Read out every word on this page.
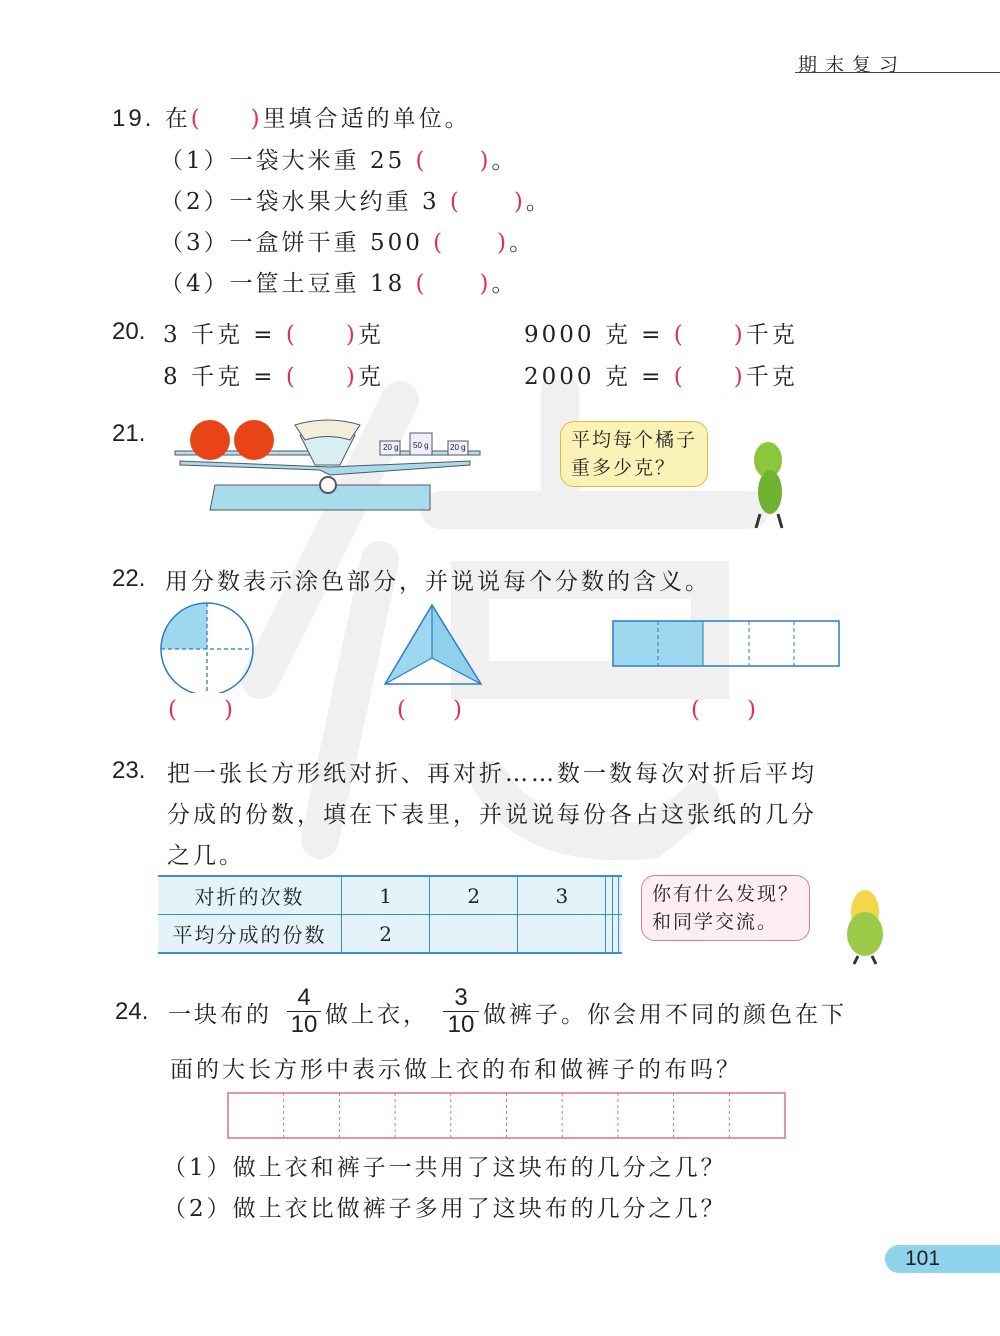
期末复习
19. 在( )里填合适的单位。
（1）一袋大米重 25 ( )。
（2）一袋水果大约重 3 ( )。
（3）一盒饼干重 500 ( )。
（4）一筐土豆重 18 ( )。
20. 3 千克 = ( )克	9000 克 = ( )千克
8 千克 = ( )克	2000 克 = ( )千克
21.
20 g 50 g	20 g	平均每个橘子
重多少克？
22. 用分数表示涂色部分，并说说每个分数的含义。
( )	( )	( )
23. 把一张长方形纸对折、再对折……数一数每次对折后平均
分成的份数，填在下表里，并说说每份各占这张纸的几分
之几。
对折的次数	1	2	3			
平均分成的份数	2					
你有什么发现？
和同学交流。
24. 一块布的 $\frac{4}{10}$ 做上衣， $\frac{3}{10}$ 做裤子。你会用不同的颜色在下
面的大长方形中表示做上衣的布和做裤子的布吗？
（1）做上衣和裤子一共用了这块布的几分之几？
（2）做上衣比做裤子多用了这块布的几分之几？
101
